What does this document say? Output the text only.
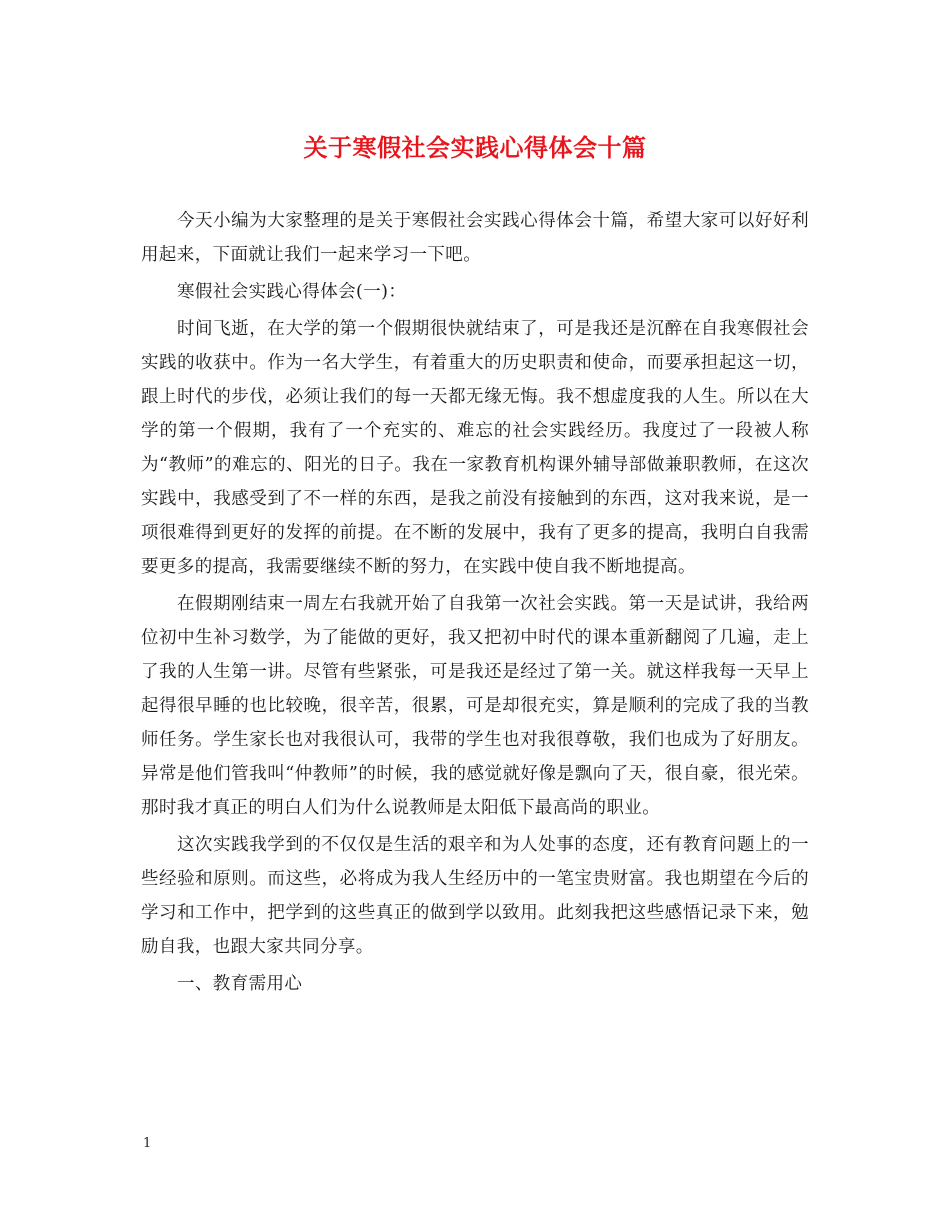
关于寒假社会实践心得体会十篇

今天小编为大家整理的是关于寒假社会实践心得体会十篇，希望大家可以好好利用起来，下面就让我们一起来学习一下吧。

寒假社会实践心得体会(一)：

时间飞逝，在大学的第一个假期很快就结束了，可是我还是沉醉在自我寒假社会实践的收获中。作为一名大学生，有着重大的历史职责和使命，而要承担起这一切，跟上时代的步伐，必须让我们的每一天都无缘无悔。我不想虚度我的人生。所以在大学的第一个假期，我有了一个充实的、难忘的社会实践经历。我度过了一段被人称为“教师”的难忘的、阳光的日子。我在一家教育机构课外辅导部做兼职教师，在这次实践中，我感受到了不一样的东西，是我之前没有接触到的东西，这对我来说，是一项很难得到更好的发挥的前提。在不断的发展中，我有了更多的提高，我明白自我需要更多的提高，我需要继续不断的努力，在实践中使自我不断地提高。

在假期刚结束一周左右我就开始了自我第一次社会实践。第一天是试讲，我给两位初中生补习数学，为了能做的更好，我又把初中时代的课本重新翻阅了几遍，走上了我的人生第一讲。尽管有些紧张，可是我还是经过了第一关。就这样我每一天早上起得很早睡的也比较晚，很辛苦，很累，可是却很充实，算是顺利的完成了我的当教师任务。学生家长也对我很认可，我带的学生也对我很尊敬，我们也成为了好朋友。异常是他们管我叫“仲教师”的时候，我的感觉就好像是飘向了天，很自豪，很光荣。那时我才真正的明白人们为什么说教师是太阳低下最高尚的职业。

这次实践我学到的不仅仅是生活的艰辛和为人处事的态度，还有教育问题上的一些经验和原则。而这些，必将成为我人生经历中的一笔宝贵财富。我也期望在今后的学习和工作中，把学到的这些真正的做到学以致用。此刻我把这些感悟记录下来，勉励自我，也跟大家共同分享。

一、教育需用心

1
